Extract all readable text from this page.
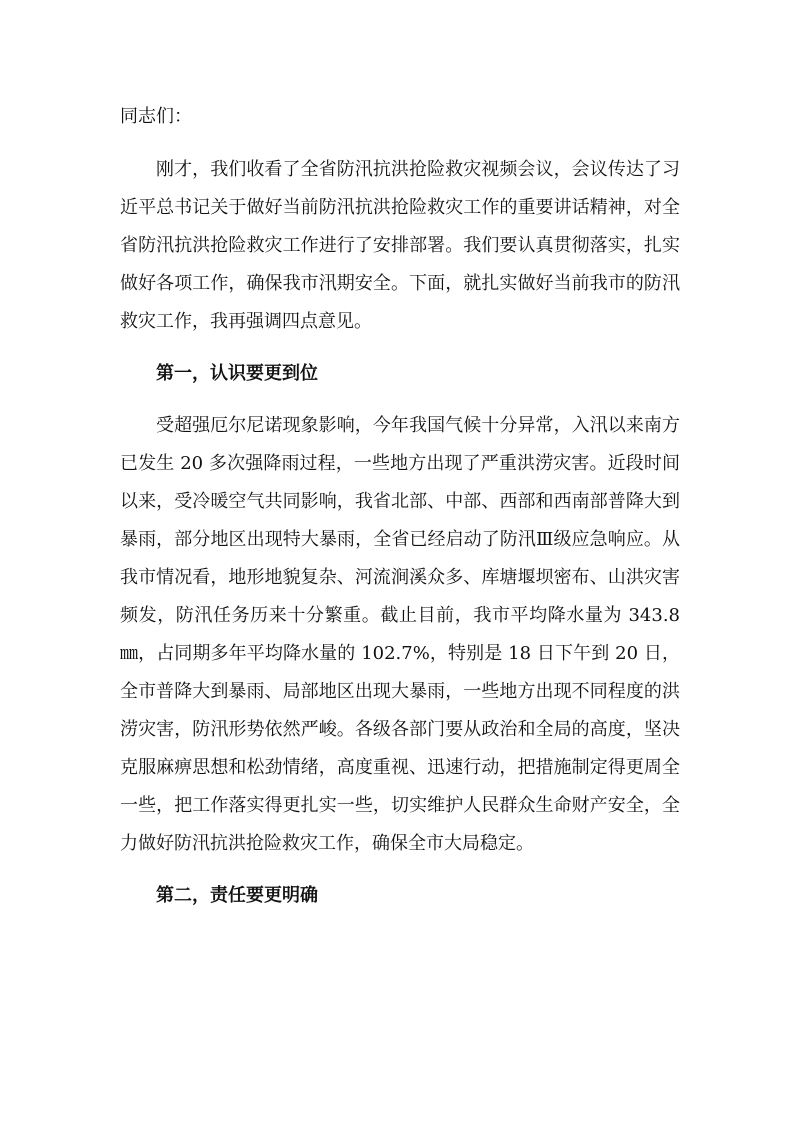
同志们：

刚才，我们收看了全省防汛抗洪抢险救灾视频会议，会议传达了习近平总书记关于做好当前防汛抗洪抢险救灾工作的重要讲话精神，对全省防汛抗洪抢险救灾工作进行了安排部署。我们要认真贯彻落实，扎实做好各项工作，确保我市汛期安全。下面，就扎实做好当前我市的防汛救灾工作，我再强调四点意见。

第一，认识要更到位

受超强厄尔尼诺现象影响，今年我国气候十分异常，入汛以来南方已发生 20 多次强降雨过程，一些地方出现了严重洪涝灾害。近段时间以来，受冷暖空气共同影响，我省北部、中部、西部和西南部普降大到暴雨，部分地区出现特大暴雨，全省已经启动了防汛Ⅲ级应急响应。从我市情况看，地形地貌复杂、河流涧溪众多、库塘堰坝密布、山洪灾害频发，防汛任务历来十分繁重。截止目前，我市平均降水量为 343.8㎜，占同期多年平均降水量的 102.7%，特别是 18 日下午到 20 日，全市普降大到暴雨、局部地区出现大暴雨，一些地方出现不同程度的洪涝灾害，防汛形势依然严峻。各级各部门要从政治和全局的高度，坚决克服麻痹思想和松劲情绪，高度重视、迅速行动，把措施制定得更周全一些，把工作落实得更扎实一些，切实维护人民群众生命财产安全，全力做好防汛抗洪抢险救灾工作，确保全市大局稳定。

第二，责任要更明确
